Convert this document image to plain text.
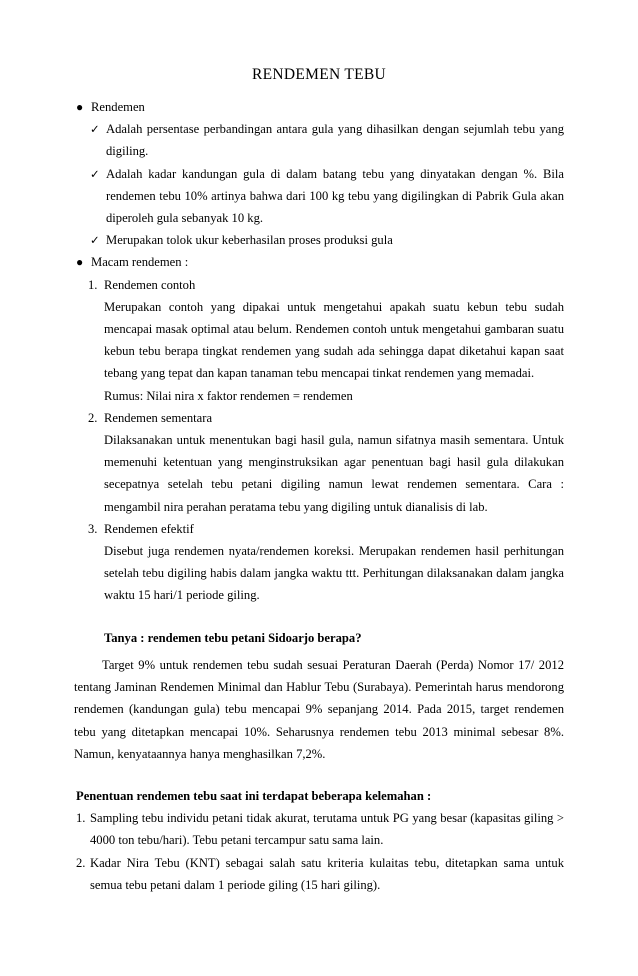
RENDEMEN TEBU
● Rendemen
✓ Adalah persentase perbandingan antara gula yang dihasilkan dengan sejumlah tebu yang digiling.
✓ Adalah kadar kandungan gula di dalam batang tebu yang dinyatakan dengan %. Bila rendemen tebu 10% artinya bahwa dari 100 kg tebu yang digilingkan di Pabrik Gula akan diperoleh gula sebanyak 10 kg.
✓ Merupakan tolok ukur keberhasilan proses produksi gula
● Macam rendemen :
1. Rendemen contoh
Merupakan contoh yang dipakai untuk mengetahui apakah suatu kebun tebu sudah mencapai masak optimal atau belum. Rendemen contoh untuk mengetahui gambaran suatu kebun tebu berapa tingkat rendemen yang sudah ada sehingga dapat diketahui kapan saat tebang yang tepat dan kapan tanaman tebu mencapai tinkat rendemen yang memadai.
Rumus: Nilai nira x faktor rendemen = rendemen
2. Rendemen sementara
Dilaksanakan untuk menentukan bagi hasil gula, namun sifatnya masih sementara. Untuk memenuhi ketentuan yang menginstruksikan agar penentuan bagi hasil gula dilakukan secepatnya setelah tebu petani digiling namun lewat rendemen sementara. Cara : mengambil nira perahan peratama tebu yang digiling untuk dianalisis di lab.
3. Rendemen efektif
Disebut juga rendemen nyata/rendemen koreksi. Merupakan rendemen hasil perhitungan setelah tebu digiling habis dalam jangka waktu ttt. Perhitungan dilaksanakan dalam jangka waktu 15 hari/1 periode giling.
Tanya : rendemen tebu petani Sidoarjo berapa?
Target 9% untuk rendemen tebu sudah sesuai Peraturan Daerah (Perda) Nomor 17/ 2012 tentang Jaminan Rendemen Minimal dan Hablur Tebu (Surabaya). Pemerintah harus mendorong rendemen (kandungan gula) tebu mencapai 9% sepanjang 2014. Pada 2015, target rendemen tebu yang ditetapkan mencapai 10%. Seharusnya rendemen tebu 2013 minimal sebesar 8%. Namun, kenyataannya hanya menghasilkan 7,2%.
Penentuan rendemen tebu saat ini terdapat beberapa kelemahan :
1. Sampling tebu individu petani tidak akurat, terutama untuk PG yang besar (kapasitas giling > 4000 ton tebu/hari). Tebu petani tercampur satu sama lain.
2. Kadar Nira Tebu (KNT) sebagai salah satu kriteria kulaitas tebu, ditetapkan sama untuk semua tebu petani dalam 1 periode giling (15 hari giling).
